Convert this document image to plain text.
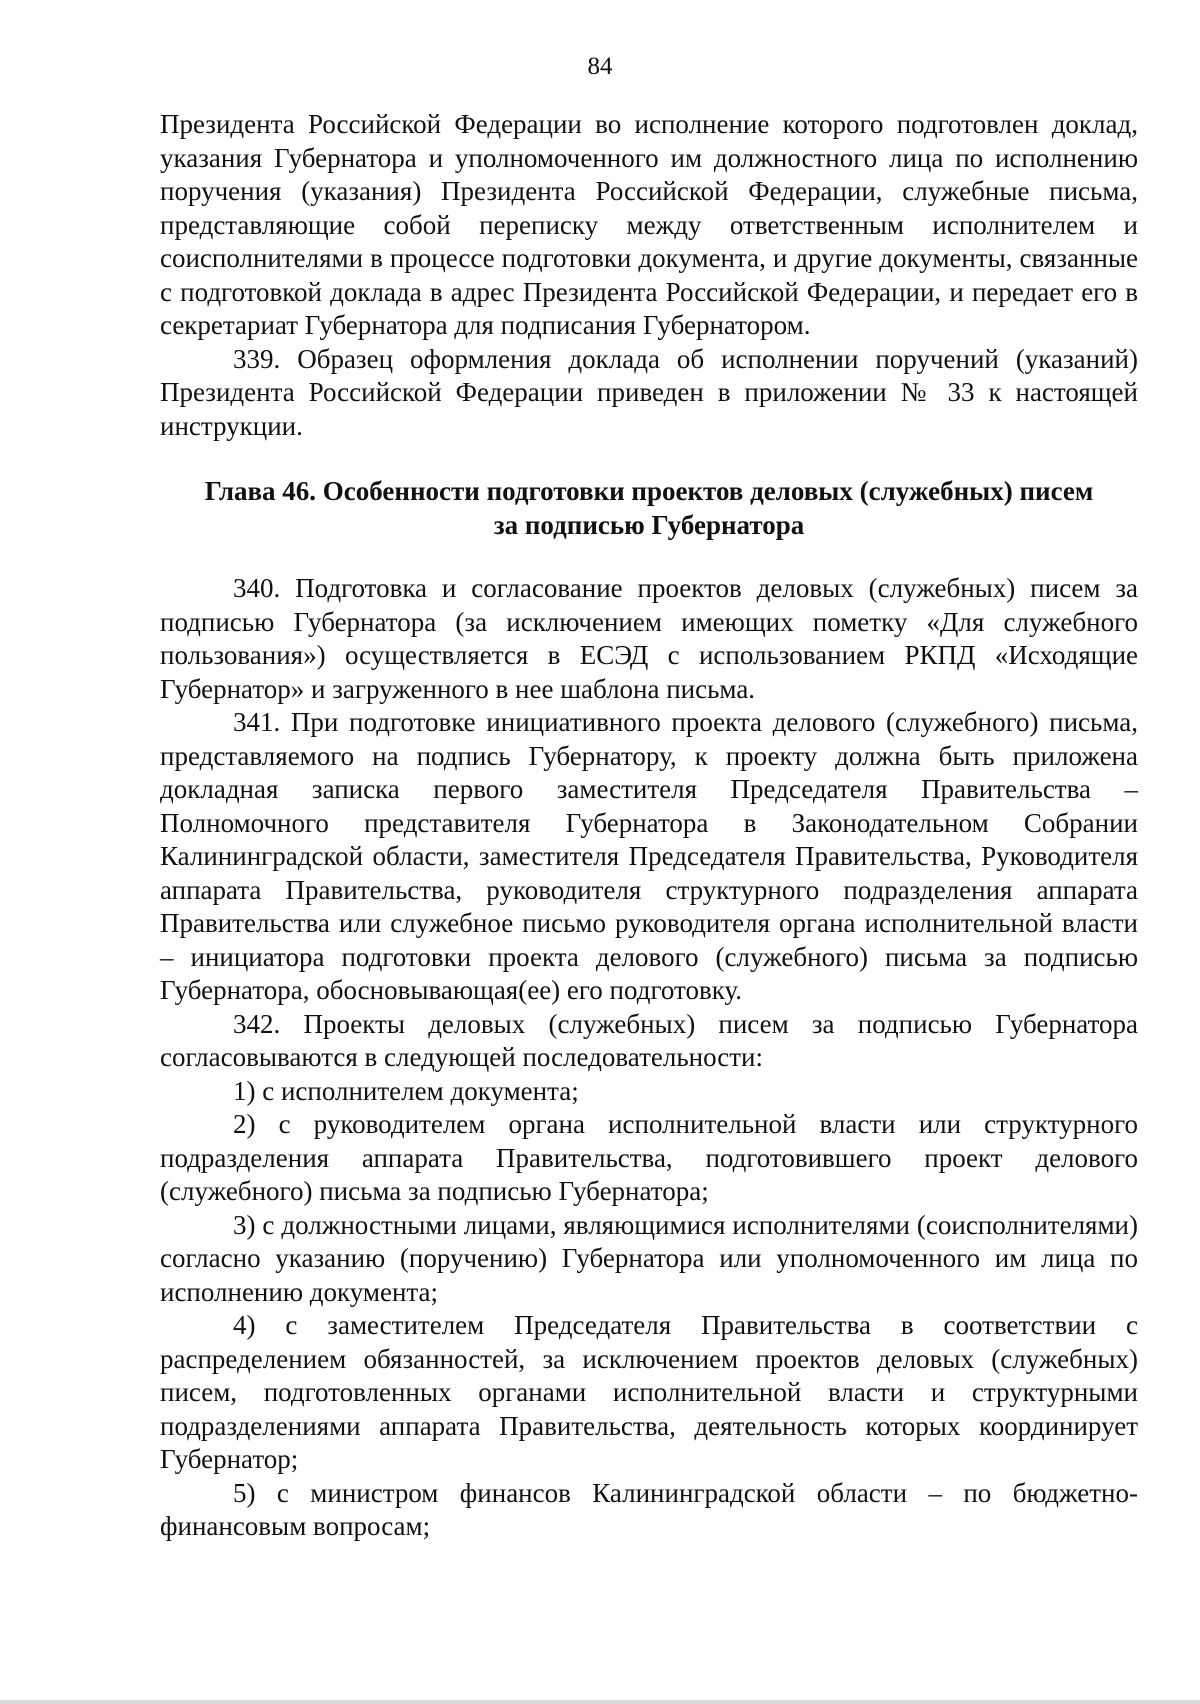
84

Президента Российской Федерации во исполнение которого подготовлен доклад, указания Губернатора и уполномоченного им должностного лица по исполнению поручения (указания) Президента Российской Федерации, служебные письма, представляющие собой переписку между ответственным исполнителем и соисполнителями в процессе подготовки документа, и другие документы, связанные с подготовкой доклада в адрес Президента Российской Федерации, и передает его в секретариат Губернатора для подписания Губернатором.

339. Образец оформления доклада об исполнении поручений (указаний) Президента Российской Федерации приведен в приложении № 33 к настоящей инструкции.

Глава 46. Особенности подготовки проектов деловых (служебных) писем
за подписью Губернатора

340. Подготовка и согласование проектов деловых (служебных) писем за подписью Губернатора (за исключением имеющих пометку «Для служебного пользования») осуществляется в ЕСЭД с использованием РКПД «Исходящие Губернатор» и загруженного в нее шаблона письма.

341. При подготовке инициативного проекта делового (служебного) письма, представляемого на подпись Губернатору, к проекту должна быть приложена докладная записка первого заместителя Председателя Правительства – Полномочного представителя Губернатора в Законодательном Собрании Калининградской области, заместителя Председателя Правительства, Руководителя аппарата Правительства, руководителя структурного подразделения аппарата Правительства или служебное письмо руководителя органа исполнительной власти – инициатора подготовки проекта делового (служебного) письма за подписью Губернатора, обосновывающая(ее) его подготовку.

342. Проекты деловых (служебных) писем за подписью Губернатора согласовываются в следующей последовательности:

1) с исполнителем документа;

2) с руководителем органа исполнительной власти или структурного подразделения аппарата Правительства, подготовившего проект делового (служебного) письма за подписью Губернатора;

3) с должностными лицами, являющимися исполнителями (соисполнителями) согласно указанию (поручению) Губернатора или уполномоченного им лица по исполнению документа;

4) с заместителем Председателя Правительства в соответствии с распределением обязанностей, за исключением проектов деловых (служебных) писем, подготовленных органами исполнительной власти и структурными подразделениями аппарата Правительства, деятельность которых координирует Губернатор;

5) с министром финансов Калининградской области – по бюджетно-финансовым вопросам;
